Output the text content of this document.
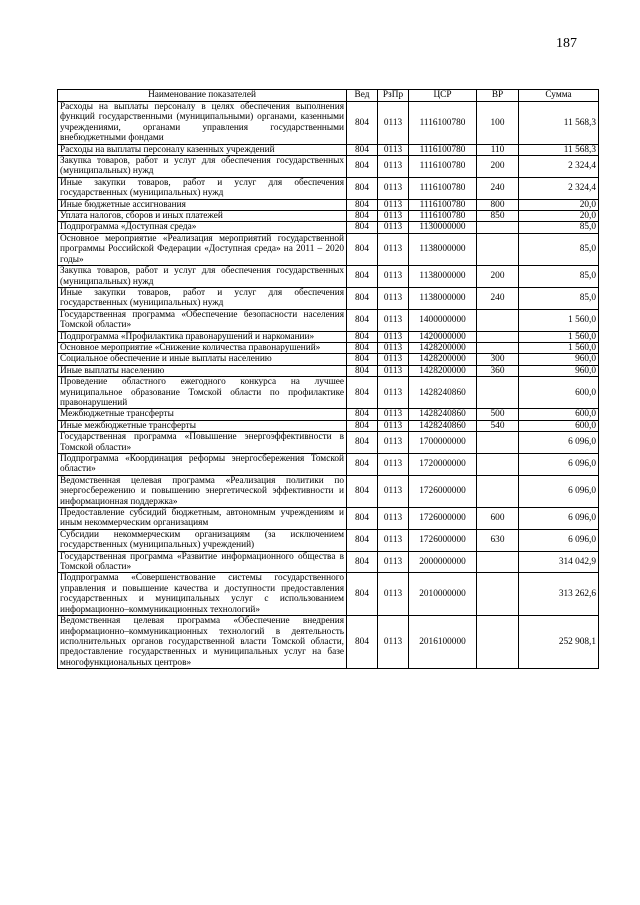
187
Наименование показателей	Вед	РзПр	ЦСР	ВР	Сумма
Расходы на выплаты персоналу в целях обеспечения выполнения функций государственными (муниципальными) органами, казенными учреждениями, органами управления государственными внебюджетными фондами	804	0113	1116100780	100	11 568,3
Расходы на выплаты персоналу казенных учреждений	804	0113	1116100780	110	11 568,3
Закупка товаров, работ и услуг для обеспечения государственных (муниципальных) нужд	804	0113	1116100780	200	2 324,4
Иные закупки товаров, работ и услуг для обеспечения государственных (муниципальных) нужд	804	0113	1116100780	240	2 324,4
Иные бюджетные ассигнования	804	0113	1116100780	800	20,0
Уплата налогов, сборов и иных платежей	804	0113	1116100780	850	20,0
Подпрограмма «Доступная среда»	804	0113	1130000000		85,0
Основное мероприятие «Реализация мероприятий государственной программы Российской Федерации «Доступная среда» на 2011 – 2020 годы»	804	0113	1138000000		85,0
Закупка товаров, работ и услуг для обеспечения государственных (муниципальных) нужд	804	0113	1138000000	200	85,0
Иные закупки товаров, работ и услуг для обеспечения государственных (муниципальных) нужд	804	0113	1138000000	240	85,0
Государственная программа «Обеспечение безопасности населения Томской области»	804	0113	1400000000		1 560,0
Подпрограмма «Профилактика правонарушений и наркомании»	804	0113	1420000000		1 560,0
Основное мероприятие «Снижение количества правонарушений»	804	0113	1428200000		1 560,0
Социальное обеспечение и иные выплаты населению	804	0113	1428200000	300	960,0
Иные выплаты населению	804	0113	1428200000	360	960,0
Проведение областного ежегодного конкурса на лучшее муниципальное образование Томской области по профилактике правонарушений	804	0113	1428240860		600,0
Межбюджетные трансферты	804	0113	1428240860	500	600,0
Иные межбюджетные трансферты	804	0113	1428240860	540	600,0
Государственная программа «Повышение энергоэффективности в Томской области»	804	0113	1700000000		6 096,0
Подпрограмма «Координация реформы энергосбережения Томской области»	804	0113	1720000000		6 096,0
Ведомственная целевая программа «Реализация политики по энергосбережению и повышению энергетической эффективности и информационная поддержка»	804	0113	1726000000		6 096,0
Предоставление субсидий бюджетным, автономным учреждениям и иным некоммерческим организациям	804	0113	1726000000	600	6 096,0
Субсидии некоммерческим организациям (за исключением государственных (муниципальных) учреждений)	804	0113	1726000000	630	6 096,0
Государственная программа «Развитие информационного общества в Томской области»	804	0113	2000000000		314 042,9
Подпрограмма «Совершенствование системы государственного управления и повышение качества и доступности предоставления государственных и муниципальных услуг с использованием информационно–коммуникационных технологий»	804	0113	2010000000		313 262,6
Ведомственная целевая программа «Обеспечение внедрения информационно–коммуникационных технологий в деятельность исполнительных органов государственной власти Томской области, предоставление государственных и муниципальных услуг на базе многофункциональных центров»	804	0113	2016100000		252 908,1
